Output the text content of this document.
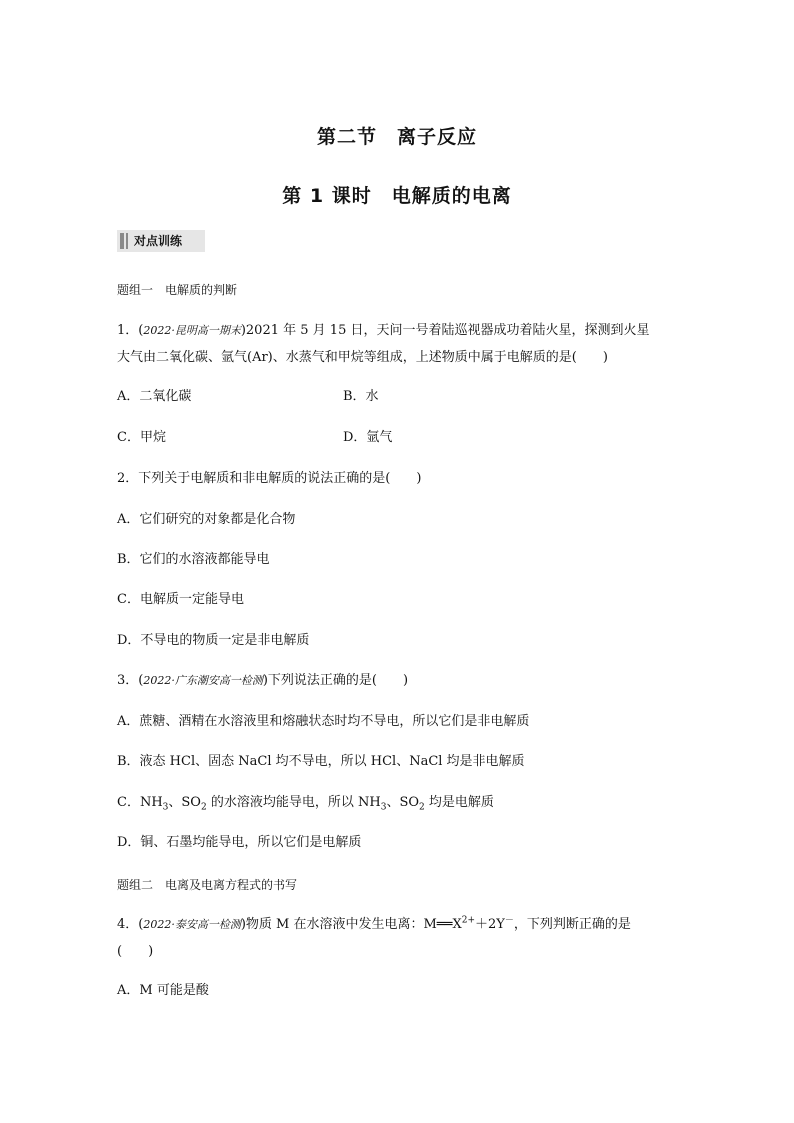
第二节　离子反应
第 1 课时　电解质的电离
对点训练
题组一　电解质的判断
1．(2022·昆明高一期末)2021 年 5 月 15 日，天问一号着陆巡视器成功着陆火星，探测到火星
大气由二氧化碳、氩气(Ar)、水蒸气和甲烷等组成，上述物质中属于电解质的是(　　)
A．二氧化碳	B．水
C．甲烷	D．氩气
2．下列关于电解质和非电解质的说法正确的是(　　)
A．它们研究的对象都是化合物
B．它们的水溶液都能导电
C．电解质一定能导电
D．不导电的物质一定是非电解质
3．(2022·广东潮安高一检测)下列说法正确的是(　　)
A．蔗糖、酒精在水溶液里和熔融状态时均不导电，所以它们是非电解质
B．液态 HCl、固态 NaCl 均不导电，所以 HCl、NaCl 均是非电解质
C．$NH_3$、$SO_2$ 的水溶液均能导电，所以 $NH_3$、$SO_2$ 均是电解质
D．铜、石墨均能导电，所以它们是电解质
题组二　电离及电离方程式的书写
4．(2022·泰安高一检测)物质 M 在水溶液中发生电离：$M══X^{2+}+2Y^-$，下列判断正确的是
(　　)
A．M 可能是酸
